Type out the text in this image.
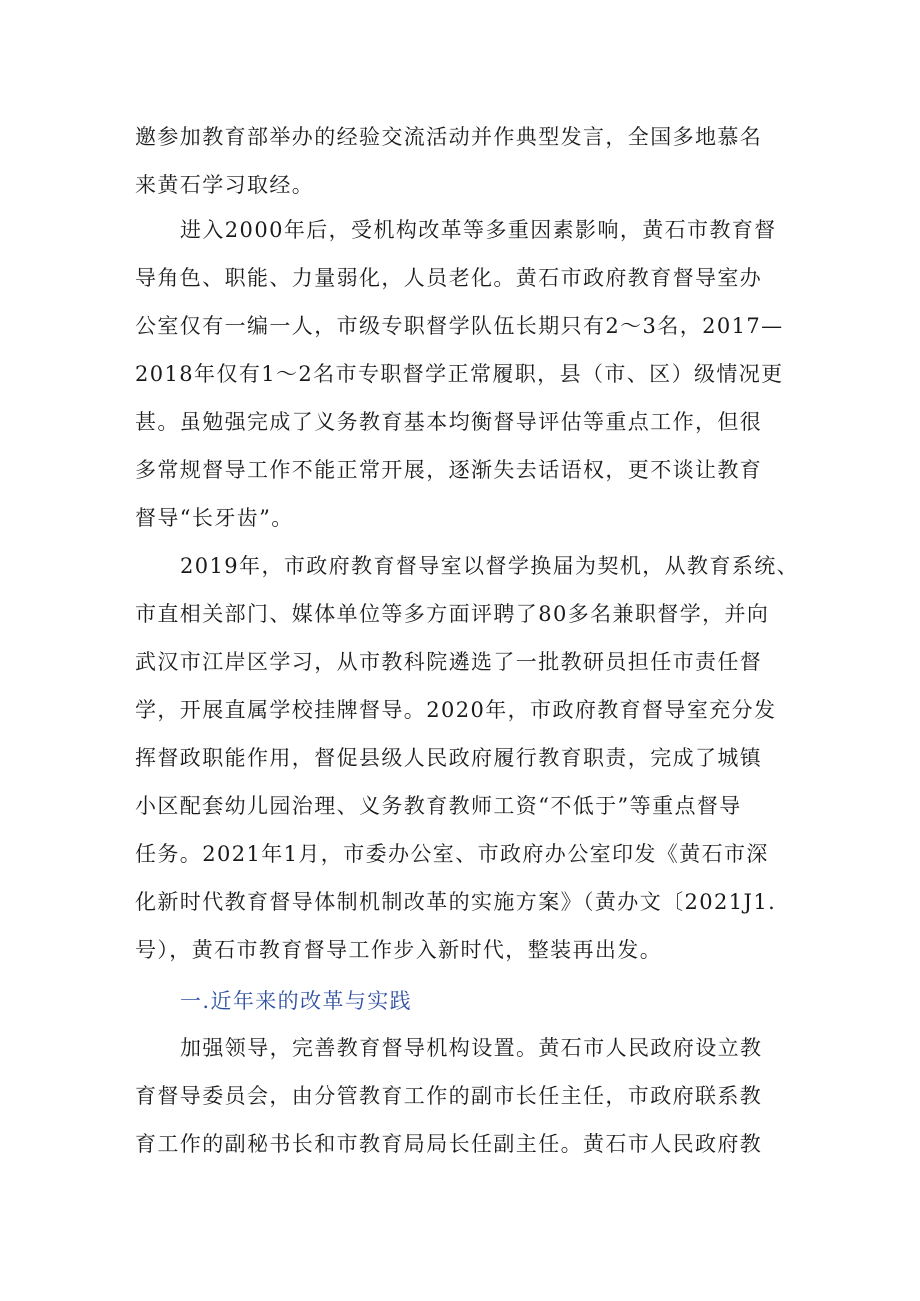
邀参加教育部举办的经验交流活动并作典型发言，全国多地慕名
来黄石学习取经。
进入2000年后，受机构改革等多重因素影响，黄石市教育督
导角色、职能、力量弱化，人员老化。黄石市政府教育督导室办
公室仅有一编一人，市级专职督学队伍长期只有2～3名，2017—
2018年仅有1～2名市专职督学正常履职，县（市、区）级情况更
甚。虽勉强完成了义务教育基本均衡督导评估等重点工作，但很
多常规督导工作不能正常开展，逐渐失去话语权，更不谈让教育
督导“长牙齿”。
2019年，市政府教育督导室以督学换届为契机，从教育系统、
市直相关部门、媒体单位等多方面评聘了80多名兼职督学，并向
武汉市江岸区学习，从市教科院遴选了一批教研员担任市责任督
学，开展直属学校挂牌督导。2020年，市政府教育督导室充分发
挥督政职能作用，督促县级人民政府履行教育职责，完成了城镇
小区配套幼儿园治理、义务教育教师工资“不低于”等重点督导
任务。2021年1月，市委办公室、市政府办公室印发《黄石市深
化新时代教育督导体制机制改革的实施方案》（黄办文〔2021J1.
号），黄石市教育督导工作步入新时代，整装再出发。
一.近年来的改革与实践
加强领导，完善教育督导机构设置。黄石市人民政府设立教
育督导委员会，由分管教育工作的副市长任主任，市政府联系教
育工作的副秘书长和市教育局局长任副主任。黄石市人民政府教
